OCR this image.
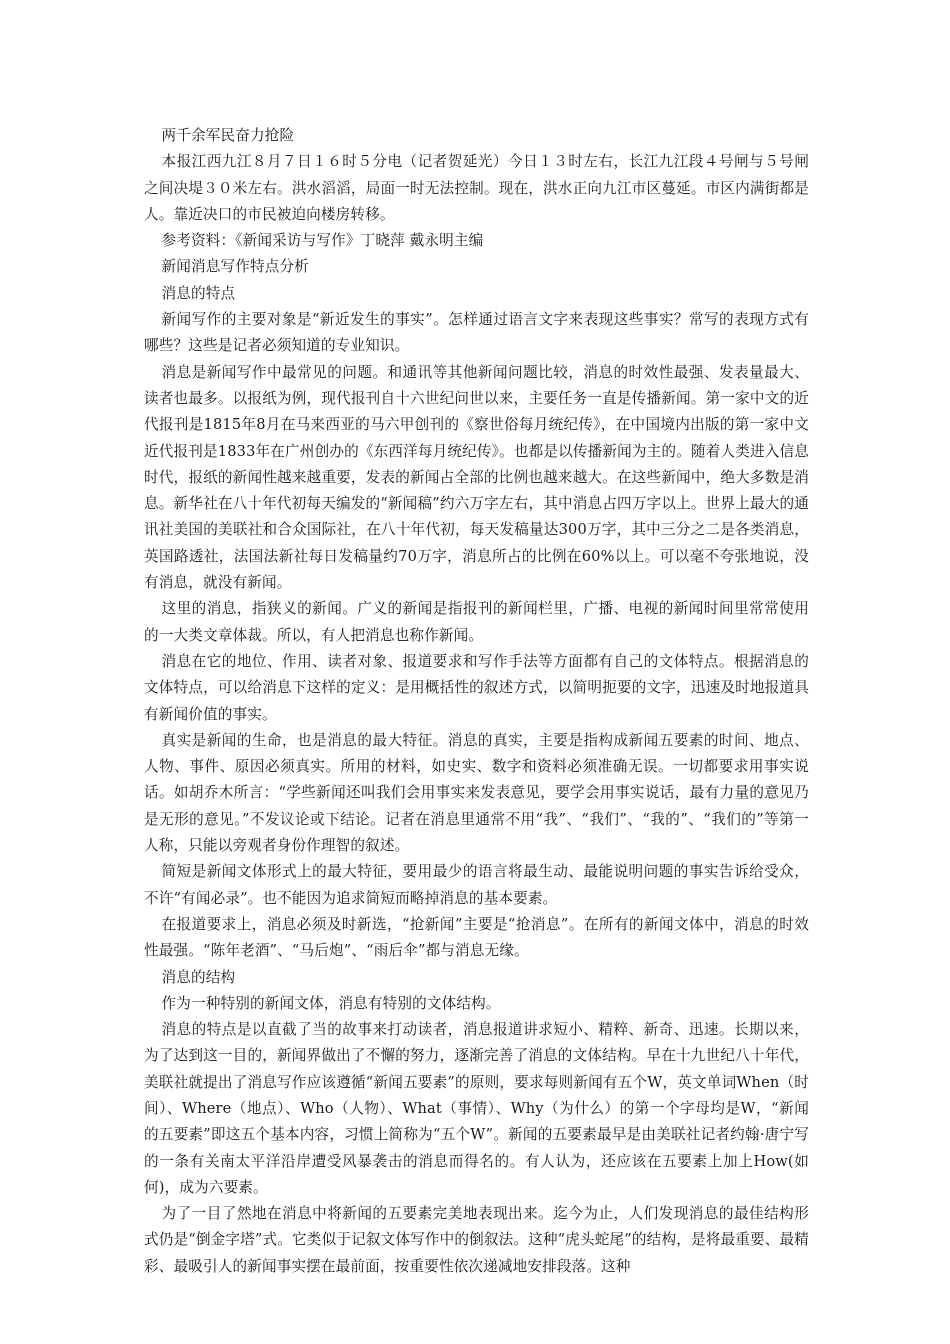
两千余军民奋力抢险

本报江西九江８月７日１６时５分电（记者贺延光）今日１３时左右，长江九江段４号闸与５号闸之间决堤３０米左右。洪水滔滔，局面一时无法控制。现在，洪水正向九江市区蔓延。市区内满街都是人。靠近决口的市民被迫向楼房转移。

参考资料：《新闻采访与写作》丁晓萍 戴永明主编

新闻消息写作特点分析

消息的特点

新闻写作的主要对象是“新近发生的事实”。怎样通过语言文字来表现这些事实？常写的表现方式有哪些？这些是记者必须知道的专业知识。

消息是新闻写作中最常见的问题。和通讯等其他新闻问题比较，消息的时效性最强、发表量最大、读者也最多。以报纸为例，现代报刊自十六世纪问世以来，主要任务一直是传播新闻。第一家中文的近代报刊是1815年8月在马来西亚的马六甲创刊的《察世俗每月统纪传》，在中国境内出版的第一家中文近代报刊是1833年在广州创办的《东西洋每月统纪传》。也都是以传播新闻为主的。随着人类进入信息时代，报纸的新闻性越来越重要，发表的新闻占全部的比例也越来越大。在这些新闻中，绝大多数是消息。新华社在八十年代初每天编发的“新闻稿”约六万字左右，其中消息占四万字以上。世界上最大的通讯社美国的美联社和合众国际社，在八十年代初，每天发稿量达300万字，其中三分之二是各类消息，英国路透社，法国法新社每日发稿量约70万字，消息所占的比例在60%以上。可以毫不夸张地说，没有消息，就没有新闻。

这里的消息，指狭义的新闻。广义的新闻是指报刊的新闻栏里，广播、电视的新闻时间里常常使用的一大类文章体裁。所以，有人把消息也称作新闻。

消息在它的地位、作用、读者对象、报道要求和写作手法等方面都有自己的文体特点。根据消息的文体特点，可以给消息下这样的定义：是用概括性的叙述方式，以简明扼要的文字，迅速及时地报道具有新闻价值的事实。

真实是新闻的生命，也是消息的最大特征。消息的真实，主要是指构成新闻五要素的时间、地点、人物、事件、原因必须真实。所用的材料，如史实、数字和资料必须准确无误。一切都要求用事实说话。如胡乔木所言：“学些新闻还叫我们会用事实来发表意见，要学会用事实说话，最有力量的意见乃是无形的意见。”不发议论或下结论。记者在消息里通常不用“我”、“我们”、“我的”、“我们的”等第一人称，只能以旁观者身份作理智的叙述。

简短是新闻文体形式上的最大特征，要用最少的语言将最生动、最能说明问题的事实告诉给受众，不许“有闻必录”。也不能因为追求简短而略掉消息的基本要素。

在报道要求上，消息必须及时新选，“抢新闻”主要是“抢消息”。在所有的新闻文体中，消息的时效性最强。“陈年老酒”、“马后炮”、“雨后伞”都与消息无缘。

消息的结构

作为一种特别的新闻文体，消息有特别的文体结构。

消息的特点是以直截了当的故事来打动读者，消息报道讲求短小、精粹、新奇、迅速。长期以来，为了达到这一目的，新闻界做出了不懈的努力，逐渐完善了消息的文体结构。早在十九世纪八十年代，美联社就提出了消息写作应该遵循“新闻五要素”的原则，要求每则新闻有五个W，英文单词When（时间）、Where（地点）、Who（人物）、What（事情）、Why（为什么）的第一个字母均是W，“新闻的五要素”即这五个基本内容，习惯上简称为“五个W”。新闻的五要素最早是由美联社记者约翰·唐宁写的一条有关南太平洋沿岸遭受风暴袭击的消息而得名的。有人认为，还应该在五要素上加上How(如何)，成为六要素。

为了一目了然地在消息中将新闻的五要素完美地表现出来。迄今为止，人们发现消息的最佳结构形式仍是“倒金字塔”式。它类似于记叙文体写作中的倒叙法。这种“虎头蛇尾”的结构，是将最重要、最精彩、最吸引人的新闻事实摆在最前面，按重要性依次递减地安排段落。这种
